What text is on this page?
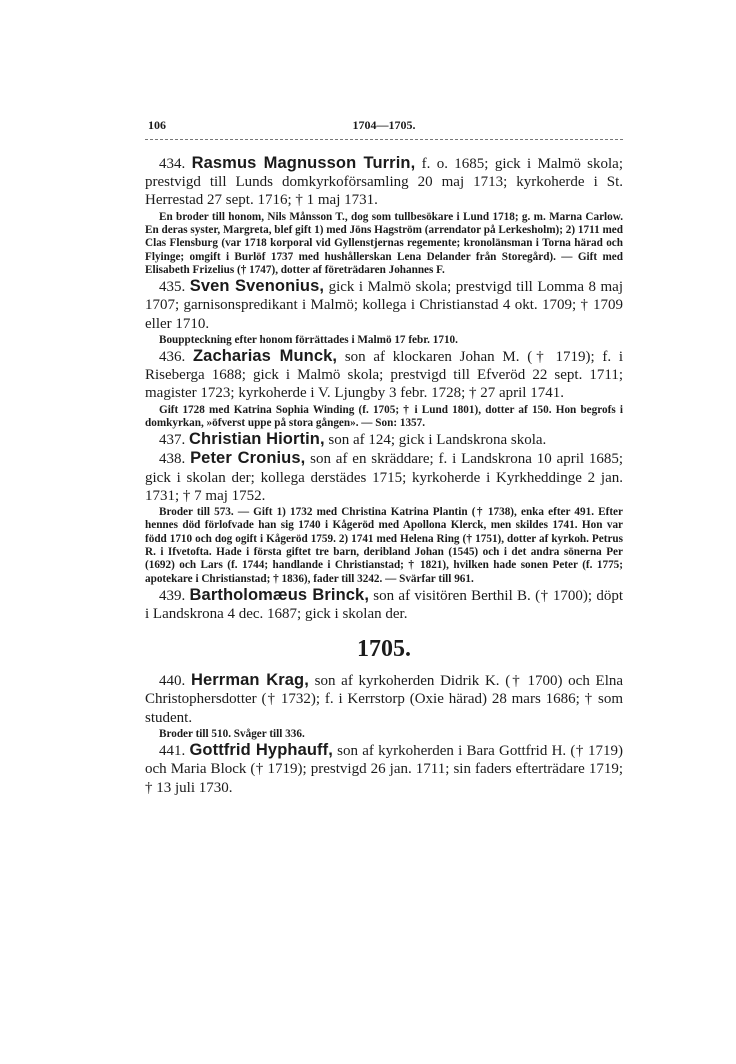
106	1704—1705.

434. Rasmus Magnusson Turrin, f. o. 1685; gick i Malmö skola; prestvigd till Lunds domkyrkoförsamling 20 maj 1713; kyrkoherde i St. Herrestad 27 sept. 1716; † 1 maj 1731.

En broder till honom, Nils Månsson T., dog som tullbesökare i Lund 1718; g. m. Marna Carlow. En deras syster, Margreta, blef gift 1) med Jöns Hagström (arrendator på Lerkesholm); 2) 1711 med Clas Flensburg (var 1718 korporal vid Gyllenstjernas regemente; kronolänsman i Torna härad och Flyinge; omgift i Burlöf 1737 med hushållerskan Lena Delander från Storegård). — Gift med Elisabeth Frizelius († 1747), dotter af företrädaren Johannes F.

435. Sven Svenonius, gick i Malmö skola; prestvigd till Lomma 8 maj 1707; garnisonspredikant i Malmö; kollega i Christianstad 4 okt. 1709; † 1709 eller 1710.

Bouppteckning efter honom förrättades i Malmö 17 febr. 1710.

436. Zacharias Munck, son af klockaren Johan M. († 1719); f. i Riseberga 1688; gick i Malmö skola; prestvigd till Efveröd 22 sept. 1711; magister 1723; kyrkoherde i V. Ljungby 3 febr. 1728; † 27 april 1741.

Gift 1728 med Katrina Sophia Winding (f. 1705; † i Lund 1801), dotter af 150. Hon begrofs i domkyrkan, »öfverst uppe på stora gången». — Son: 1357.

437. Christian Hiortin, son af 124; gick i Landskrona skola.

438. Peter Cronius, son af en skräddare; f. i Landskrona 10 april 1685; gick i skolan der; kollega derstädes 1715; kyrkoherde i Kyrkheddinge 2 jan. 1731; † 7 maj 1752.

Broder till 573. — Gift 1) 1732 med Christina Katrina Plantin († 1738), enka efter 491. Efter hennes död förlofvade han sig 1740 i Kågeröd med Apollona Klerck, men skildes 1741. Hon var född 1710 och dog ogift i Kågeröd 1759. 2) 1741 med Helena Ring († 1751), dotter af kyrkoh. Petrus R. i Ifvetofta. Hade i första giftet tre barn, deribland Johan (1545) och i det andra sönerna Per (1692) och Lars (f. 1744; handlande i Christianstad; † 1821), hvilken hade sonen Peter (f. 1775; apotekare i Christianstad; † 1836), fader till 3242. — Svärfar till 961.

439. Bartholomæus Brinck, son af visitören Berthil B. († 1700); döpt i Landskrona 4 dec. 1687; gick i skolan der.

1705.

440. Herrman Krag, son af kyrkoherden Didrik K. († 1700) och Elna Christophersdotter († 1732); f. i Kerrstorp (Oxie härad) 28 mars 1686; † som student.

Broder till 510. Svåger till 336.

441. Gottfrid Hyphauff, son af kyrkoherden i Bara Gottfrid H. († 1719) och Maria Block († 1719); prestvigd 26 jan. 1711; sin faders efterträdare 1719; † 13 juli 1730.
